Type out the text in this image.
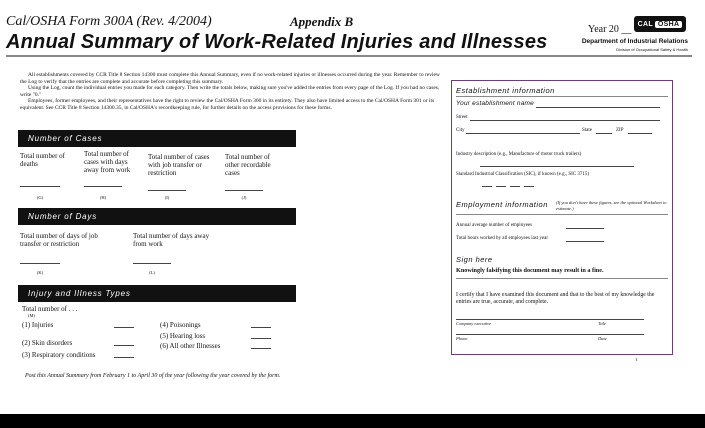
Cal/OSHA Form 300A (Rev. 4/2004)	Appendix B
Annual Summary of Work-Related Injuries and Illnesses
Year 20 __ CAL OSHA
Department of Industrial Relations
Division of Occupational Safety & Health

All establishments covered by CCR Title 8 Section 14300 must complete this Annual Summary, even if no work-related injuries or illnesses occurred during the year. Remember to review the Log to verify that the entries are complete and accurate before completing this summary.

Using the Log, count the individual entries you made for each category. Then write the totals below, making sure you've added the entries from every page of the Log. If you had no cases, write "0."

Employees, former employees, and their representatives have the right to review the Cal/OSHA Form 300 in its entirety. They also have limited access to the Cal/OSHA Form 301 or its equivalent. See CCR Title 8 Section 14300.35, in Cal/OSHA's recordkeeping rule, for further details on the access provisions for these forms.

Number of Cases
Total number of deaths
(G)
Total number of cases with days away from work
(H)
Total number of cases with job transfer or restriction
(I)
Total number of other recordable cases
(J)
Number of Days
Total number of days of job transfer or restriction
(K)
Total number of days away from work
(L)
Injury and Illness Types
Total number of . . .
(M)
(1) Injuries
(2) Skin disorders
(3) Respiratory conditions
(4) Poisonings
(5) Hearing loss
(6) All other Illnesses
Establishment information
Your establishment name
Street
City	State	ZIP
Industry description (e.g., Manufacture of motor truck trailers)
Standard Industrial Classification (SIC), if known (e.g., SIC 3715)
Employment information (If you don't have these figures, see the optional Worksheet to estimate.)
Annual average number of employees
Total hours worked by all employees last year
Sign here
Knowingly falsifying this document may result in a fine.
I certify that I have examined this document and that to the best of my knowledge the entries are true, accurate, and complete.
Company executive	Title
Phone	Date
t
Post this Annual Summary from February 1 to April 30 of the year following the year covered by the form.
